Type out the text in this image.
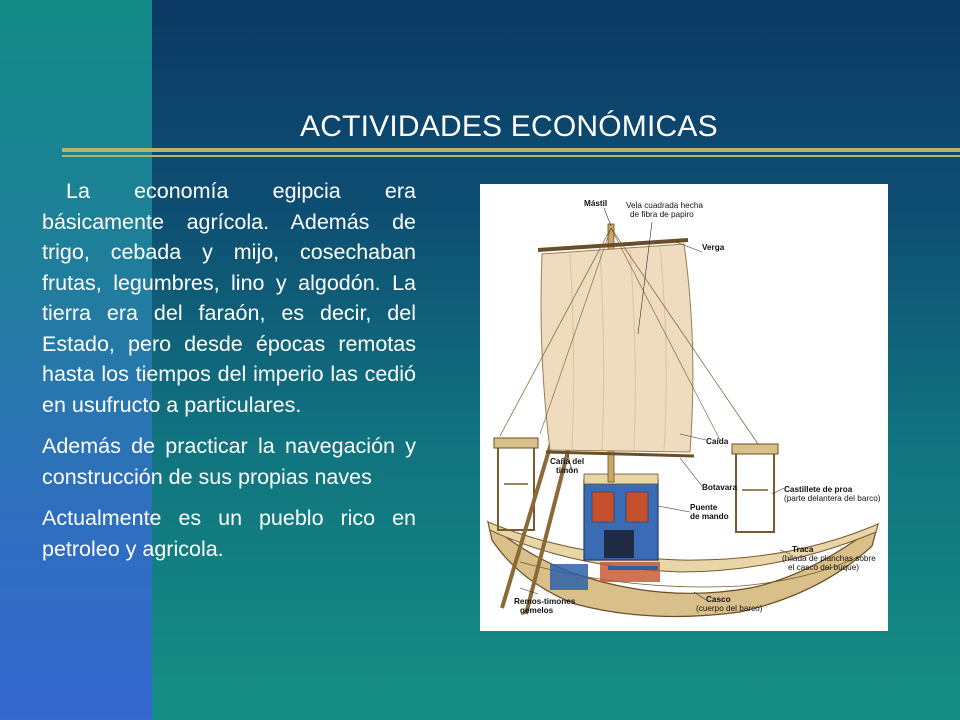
ACTIVIDADES ECONÓMICAS

La economía egipcia era básicamente agrícola. Además de trigo, cebada y mijo, cosechaban frutas, legumbres, lino y algodón. La tierra era del faraón, es decir, del Estado, pero desde épocas remotas hasta los tiempos del imperio las cedió en usufructo a particulares.

Además de practicar la navegación y construcción de sus propias naves

Actualmente es un pueblo rico en petroleo y agricola.

Mástil Vela cuadrada hecha
de fibra de papiro
Verga
Caída
Caña del
timón
Botavara
Puente
de mando
Castillete de proa
(parte delantera del barco)
Traca
(hilada de planchas sobre
el casco del buque)
Remos-timones
gemelos
Casco
(cuerpo del barco)
